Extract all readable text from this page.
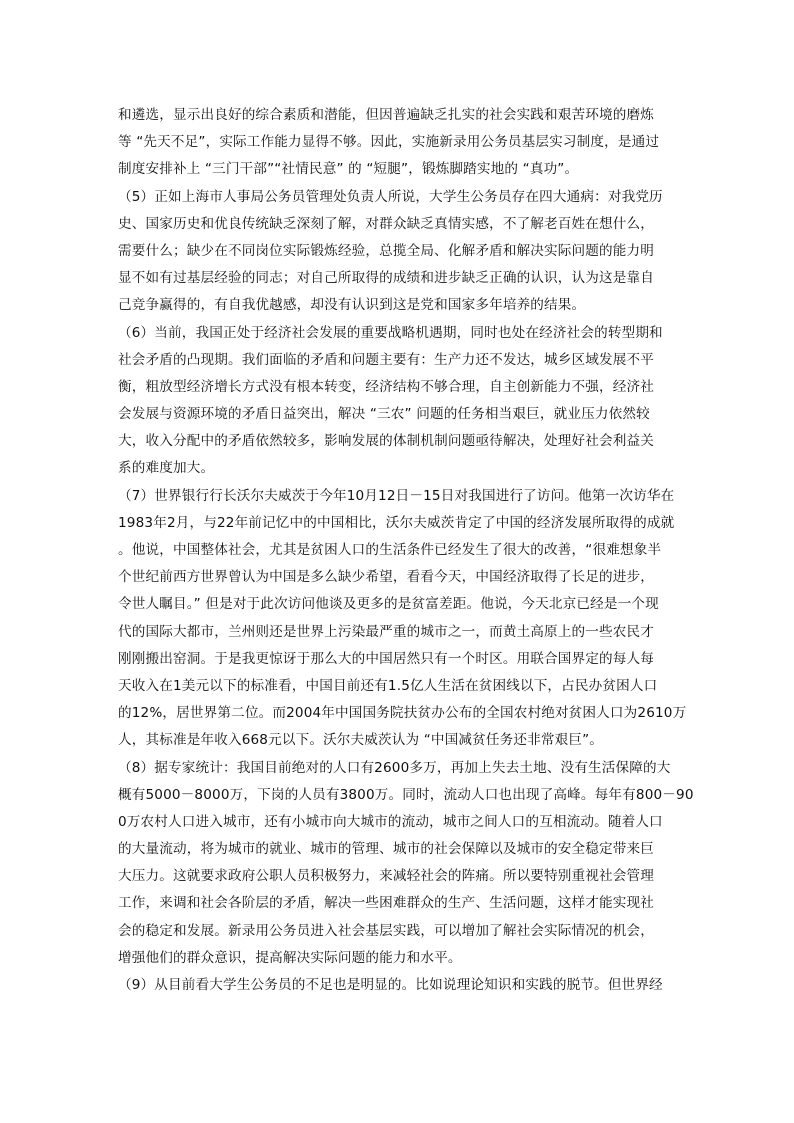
和遴选，显示出良好的综合素质和潜能，但因普遍缺乏扎实的社会实践和艰苦环境的磨炼
等 “先天不足”，实际工作能力显得不够。因此，实施新录用公务员基层实习制度，是通过
制度安排补上 “三门干部”“社情民意” 的 “短腿”，锻炼脚踏实地的 “真功”。
（5）正如上海市人事局公务员管理处负责人所说，大学生公务员存在四大通病：对我党历
史、国家历史和优良传统缺乏深刻了解，对群众缺乏真情实感，不了解老百姓在想什么，
需要什么；缺少在不同岗位实际锻炼经验，总揽全局、化解矛盾和解决实际问题的能力明
显不如有过基层经验的同志；对自己所取得的成绩和进步缺乏正确的认识，认为这是靠自
己竞争赢得的，有自我优越感，却没有认识到这是党和国家多年培养的结果。
（6）当前，我国正处于经济社会发展的重要战略机遇期，同时也处在经济社会的转型期和
社会矛盾的凸现期。我们面临的矛盾和问题主要有：生产力还不发达，城乡区域发展不平
衡，粗放型经济增长方式没有根本转变，经济结构不够合理，自主创新能力不强，经济社
会发展与资源环境的矛盾日益突出，解决 “三农” 问题的任务相当艰巨，就业压力依然较
大，收入分配中的矛盾依然较多，影响发展的体制机制问题亟待解决，处理好社会利益关
系的难度加大。
（7）世界银行行长沃尔夫威茨于今年10月12日－15日对我国进行了访问。他第一次访华在
1983年2月，与22年前记忆中的中国相比，沃尔夫威茨肯定了中国的经济发展所取得的成就
。他说，中国整体社会，尤其是贫困人口的生活条件已经发生了很大的改善，“很难想象半
个世纪前西方世界曾认为中国是多么缺少希望，看看今天，中国经济取得了长足的进步，
令世人瞩目。” 但是对于此次访问他谈及更多的是贫富差距。他说，今天北京已经是一个现
代的国际大都市，兰州则还是世界上污染最严重的城市之一，而黄土高原上的一些农民才
刚刚搬出窑洞。于是我更惊讶于那么大的中国居然只有一个时区。用联合国界定的每人每
天收入在1美元以下的标准看，中国目前还有1.5亿人生活在贫困线以下，占民办贫困人口
的12%，居世界第二位。而2004年中国国务院扶贫办公布的全国农村绝对贫困人口为2610万
人，其标准是年收入668元以下。沃尔夫威茨认为 “中国减贫任务还非常艰巨”。
（8）据专家统计：我国目前绝对的人口有2600多万，再加上失去土地、没有生活保障的大
概有5000－8000万，下岗的人员有3800万。同时，流动人口也出现了高峰。每年有800－90
0万农村人口进入城市，还有小城市向大城市的流动，城市之间人口的互相流动。随着人口
的大量流动，将为城市的就业、城市的管理、城市的社会保障以及城市的安全稳定带来巨
大压力。这就要求政府公职人员积极努力，来减轻社会的阵痛。所以要特别重视社会管理
工作，来调和社会各阶层的矛盾，解决一些困难群众的生产、生活问题，这样才能实现社
会的稳定和发展。新录用公务员进入社会基层实践，可以增加了解社会实际情况的机会，
增强他们的群众意识，提高解决实际问题的能力和水平。
（9）从目前看大学生公务员的不足也是明显的。比如说理论知识和实践的脱节。但世界经
